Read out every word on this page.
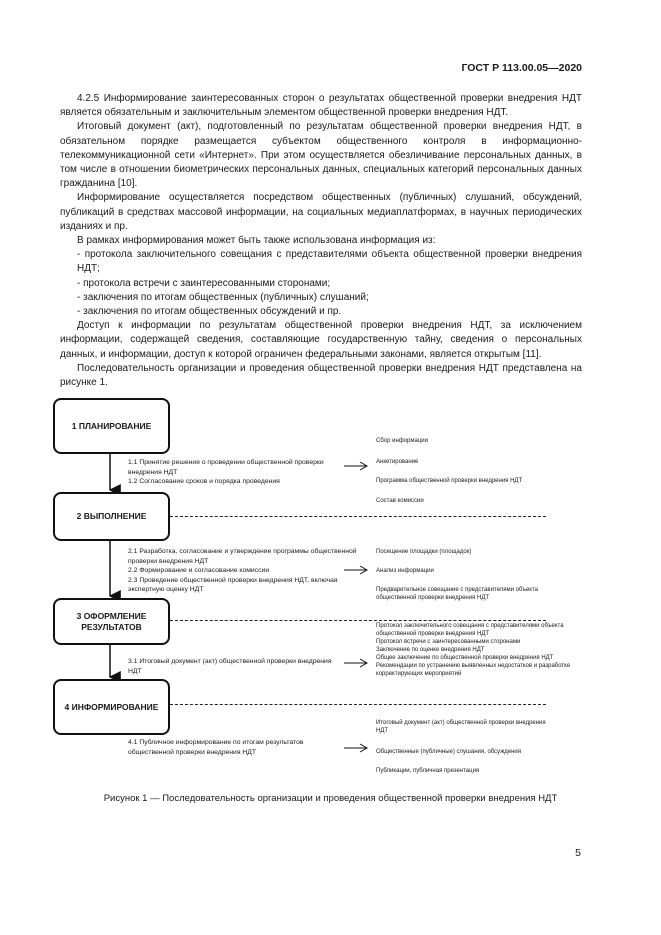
ГОСТ Р 113.00.05—2020

4.2.5 Информирование заинтересованных сторон о результатах общественной проверки внедрения НДТ является обязательным и заключительным элементом общественной проверки внедрения НДТ.

Итоговый документ (акт), подготовленный по результатам общественной проверки внедрения НДТ, в обязательном порядке размещается субъектом общественного контроля в информационно-телекоммуникационной сети «Интернет». При этом осуществляется обезличивание персональных данных, в том числе в отношении биометрических персональных данных, специальных категорий персональных данных гражданина [10].

Информирование осуществляется посредством общественных (публичных) слушаний, обсуждений, публикаций в средствах массовой информации, на социальных медиаплатформах, в научных периодических изданиях и пр.

В рамках информирования может быть также использована информация из:

- протокола заключительного совещания с представителями объекта общественной проверки внедрения НДТ;

- протокола встречи с заинтересованными сторонами;

- заключения по итогам общественных (публичных) слушаний;

- заключения по итогам общественных обсуждений и пр.

Доступ к информации по результатам общественной проверки внедрения НДТ, за исключением информации, содержащей сведения, составляющие государственную тайну, сведения о персональных данных, и информации, доступ к которой ограничен федеральными законами, является открытым [11].

Последовательность организации и проведения общественной проверки внедрения НДТ представлена на рисунке 1.

1 ПЛАНИРОВАНИЕ
2 ВЫПОЛНЕНИЕ
3 ОФОРМЛЕНИЕ РЕЗУЛЬТАТОВ
4 ИНФОРМИРОВАНИЕ
1.1 Принятие решения о проведении общественной проверки внедрения НДТ
1.2 Согласование сроков и порядка проведения
2.1 Разработка, согласование и утверждение программы общественной проверки внедрения НДТ
2.2 Формирование и согласование комиссии
2.3 Проведение общественной проверки внедрения НДТ, включая экспертную оценку НДТ
3.1 Итоговый документ (акт) общественной проверки внедрения НДТ
4.1 Публичное информирование по итогам результатов общественной проверки внедрения НДТ
Сбор информации
Анкетирование
Программа общественной проверки внедрения НДТ
Состав комиссии
Посещение площадки (площадок)
Анализ информации
Предварительное совещание с представителями объекта общественной проверки внедрения НДТ
Протокол заключительного совещания с представителями объекта общественной проверки внедрения НДТ
Протокол встречи с заинтересованными сторонами
Заключение по оценке внедрения НДТ
Общее заключение по общественной проверки внедрения НДТ
Рекомендации по устранению выявленных недостатков и разработке корректирующих мероприятий
Итоговый документ (акт) общественной проверки внедрения НДТ
Общественные (публичные) слушания, обсуждения
Публикации, публичная презентация
Рисунок 1 — Последовательность организации и проведения общественной проверки внедрения НДТ
5
